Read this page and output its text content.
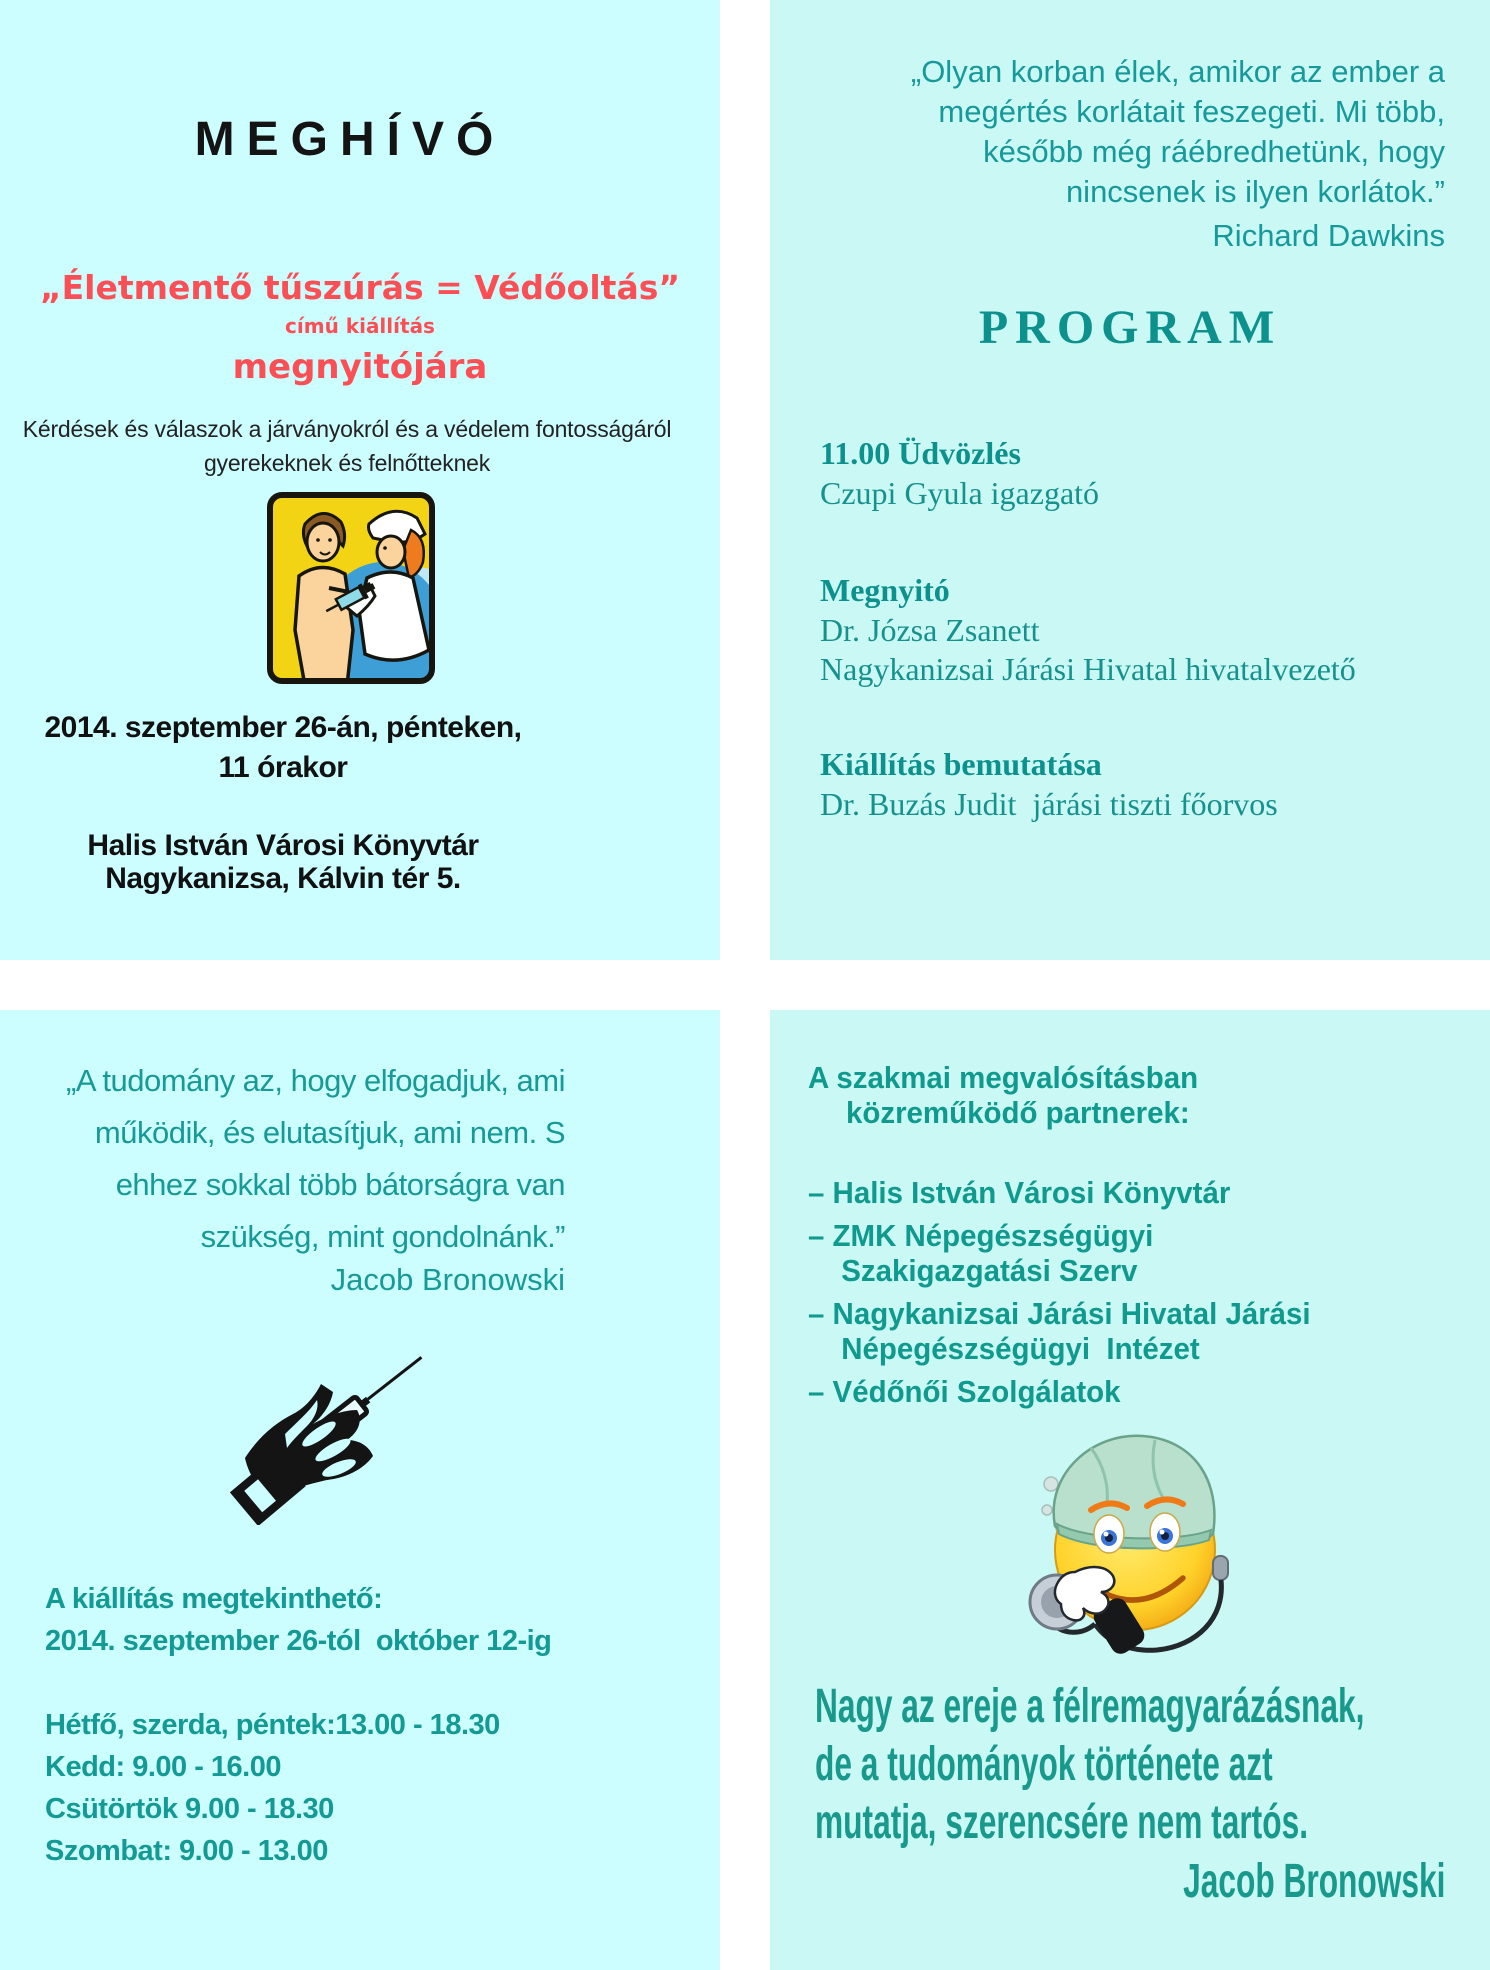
MEGHÍVÓ
„Életmentő tűszúrás = Védőoltás”
című kiállítás
megnyitójára
Kérdések és válaszok a járványokról és a védelem fontosságáról
gyerekeknek és felnőtteknek
2014. szeptember 26-án, pénteken,
11 órakor
Halis István Városi Könyvtár
Nagykanizsa, Kálvin tér 5.
„Olyan korban élek, amikor az ember a
megértés korlátait feszegeti. Mi több,
később még ráébredhetünk, hogy
nincsenek is ilyen korlátok.”
Richard Dawkins
PROGRAM
11.00 Üdvözlés
Czupi Gyula igazgató
Megnyitó
Dr. Józsa Zsanett
Nagykanizsai Járási Hivatal hivatalvezető
Kiállítás bemutatása
Dr. Buzás Judit  járási tiszti főorvos
„A tudomány az, hogy elfogadjuk, ami
működik, és elutasítjuk, ami nem. S
ehhez sokkal több bátorságra van
szükség, mint gondolnánk.”
Jacob Bronowski
A kiállítás megtekinthető:
2014. szeptember 26-tól  október 12-ig
Hétfő, szerda, péntek:13.00 - 18.30
Kedd: 9.00 - 16.00
Csütörtök 9.00 - 18.30
Szombat: 9.00 - 13.00
A szakmai megvalósításban
közreműködő partnerek:
– Halis István Városi Könyvtár
– ZMK Népegészségügyi
Szakigazgatási Szerv
– Nagykanizsai Járási Hivatal Járási
Népegészségügyi  Intézet
– Védőnői Szolgálatok
Nagy az ereje a félremagyarázásnak,
de a tudományok története azt
mutatja, szerencsére nem tartós.
Jacob Bronowski
